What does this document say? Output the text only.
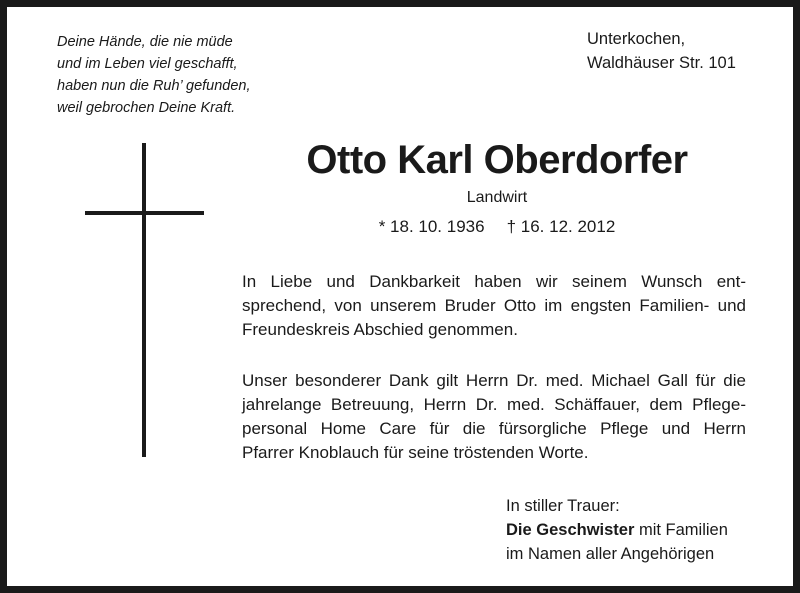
Deine Hände, die nie müde
und im Leben viel geschafft,
haben nun die Ruh’ gefunden,
weil gebrochen Deine Kraft.
Unterkochen,
Waldhäuser Str. 101
Otto Karl Oberdorfer
Landwirt
* 18. 10. 1936 † 16. 12. 2012
In Liebe und Dankbarkeit haben wir seinem Wunsch ent-
sprechend, von unserem Bruder Otto im engsten Familien- und
Freundeskreis Abschied genommen.
Unser besonderer Dank gilt Herrn Dr. med. Michael Gall für die
jahrelange Betreuung, Herrn Dr. med. Schäffauer, dem Pflege-
personal Home Care für die fürsorgliche Pflege und Herrn
Pfarrer Knoblauch für seine tröstenden Worte.
In stiller Trauer:
Die Geschwister mit Familien
im Namen aller Angehörigen
